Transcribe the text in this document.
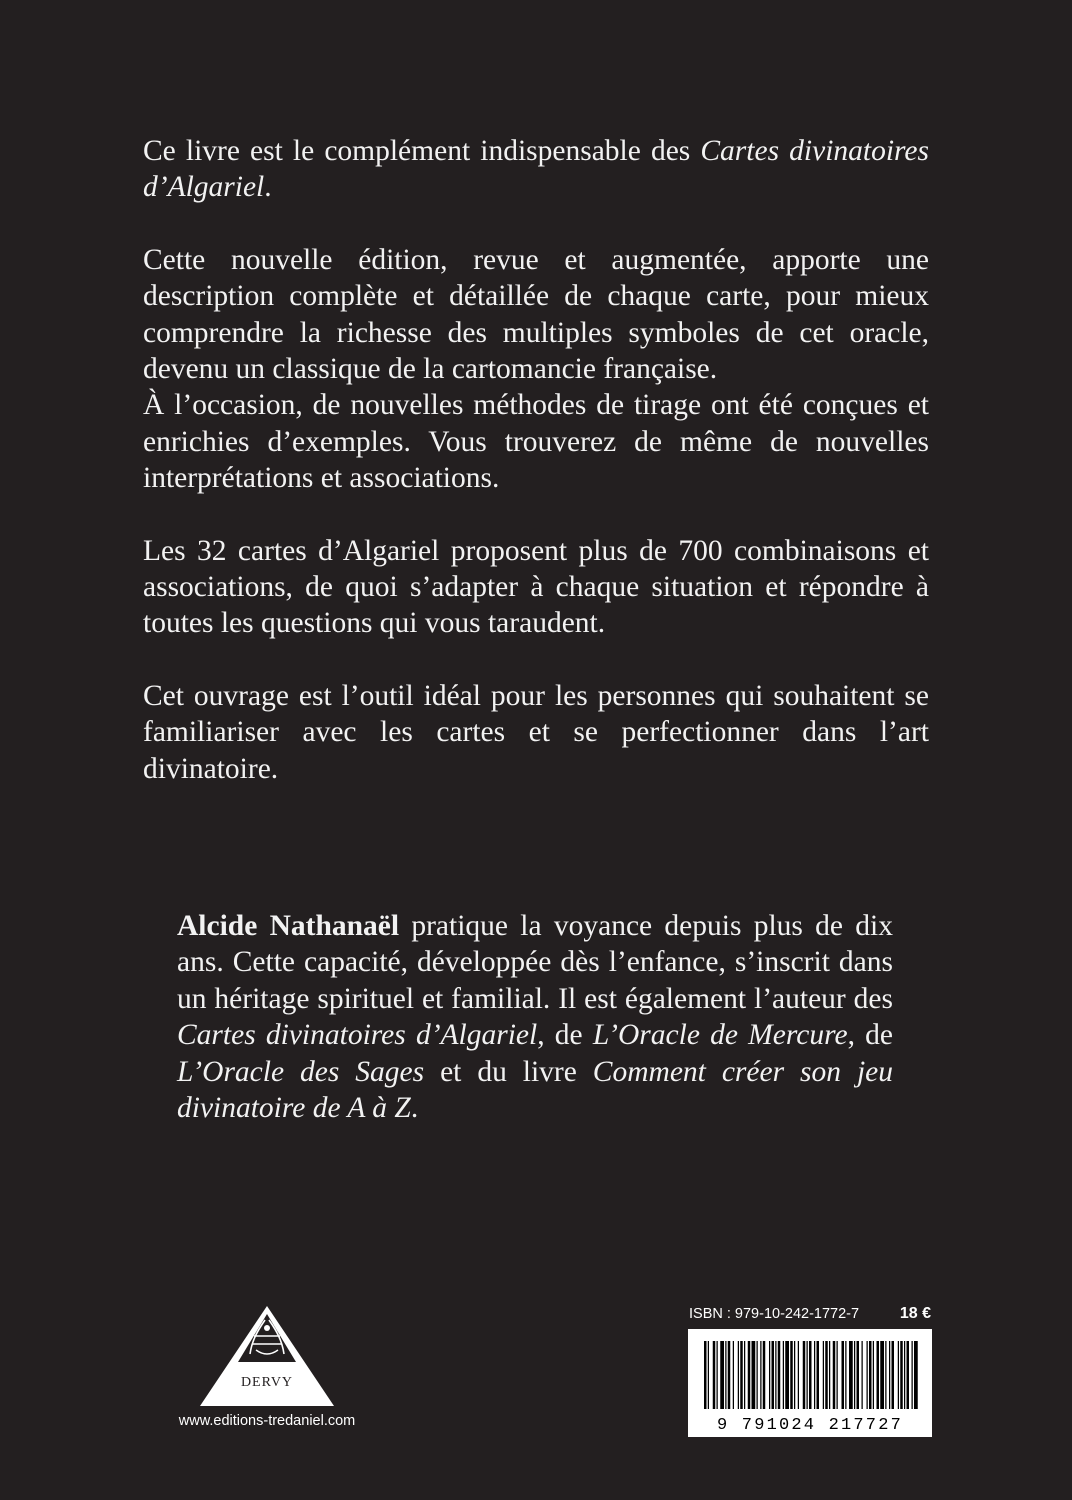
Ce livre est le complément indispensable des Cartes divinatoires d’Algariel.

Cette nouvelle édition, revue et augmentée, apporte une description complète et détaillée de chaque carte, pour mieux comprendre la richesse des multiples symboles de cet oracle, devenu un classique de la cartomancie française.

À l’occasion, de nouvelles méthodes de tirage ont été conçues et enrichies d’exemples. Vous trouverez de même de nouvelles interprétations et associations.

Les 32 cartes d’Algariel proposent plus de 700 combinaisons et associations, de quoi s’adapter à chaque situation et répondre à toutes les questions qui vous taraudent.

Cet ouvrage est l’outil idéal pour les personnes qui souhaitent se familiariser avec les cartes et se perfectionner dans l’art divinatoire.

Alcide Nathanaël pratique la voyance depuis plus de dix ans. Cette capacité, développée dès l’enfance, s’inscrit dans un héritage spirituel et familial. Il est également l’auteur des Cartes divinatoires d’Algariel, de L’Oracle de Mercure, de L’Oracle des Sages et du livre Comment créer son jeu divinatoire de A à Z.

DERVY
www.editions-tredaniel.com
ISBN : 979-10-242-1772-7	18 €
9 791024 217727
